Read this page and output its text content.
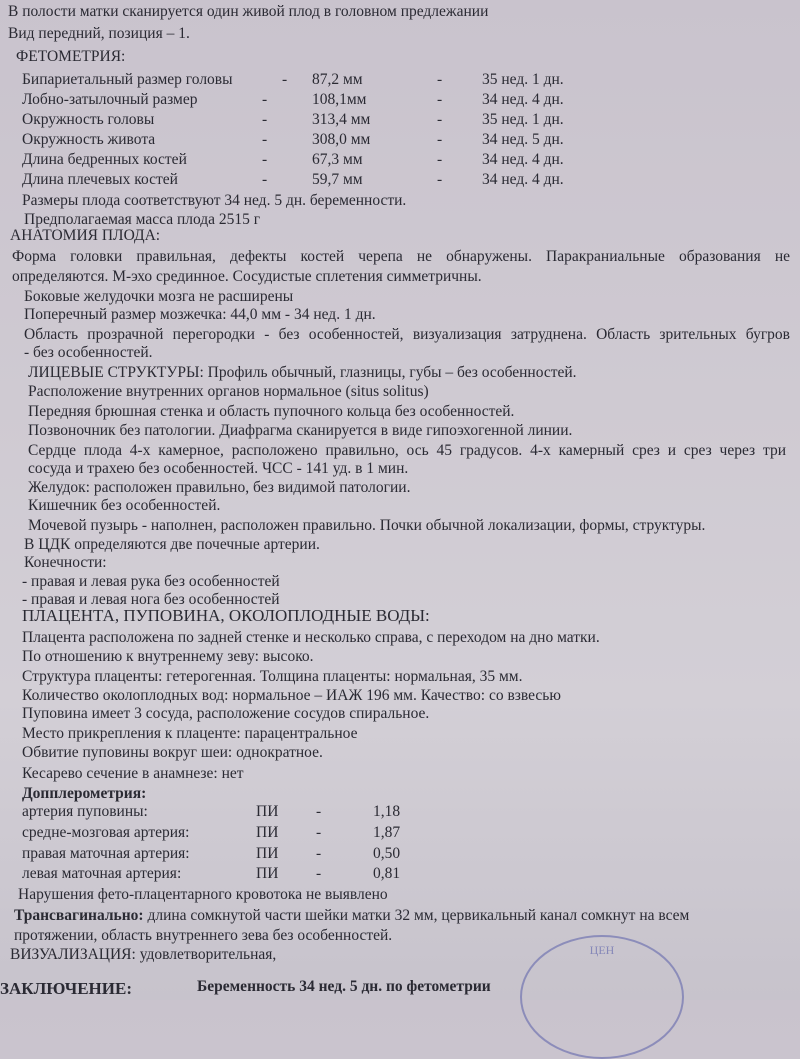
В полости матки сканируется один живой плод в головном предлежании
Вид передний, позиция – 1.
ФЕТОМЕТРИЯ:
Бипариетальный размер головы	- 87,2 мм	-	35 нед. 1 дн.
Лобно-затылочный размер	-	108,1мм	-	34 нед. 4 дн.
Окружность головы	-	313,4 мм	-	35 нед. 1 дн.
Окружность живота	-	308,0 мм	-	34 нед. 5 дн.
Длина бедренных костей	-	67,3 мм	-	34 нед. 4 дн.
Длина плечевых костей	-	59,7 мм	-	34 нед. 4 дн.
Размеры плода соответствуют 34 нед. 5 дн. беременности.
Предполагаемая масса плода 2515 г
АНАТОМИЯ ПЛОДА:
Форма головки правильная, дефекты костей черепа не обнаружены. Паракраниальные образования не
определяются. М-эхо срединное. Сосудистые сплетения симметричны.
Боковые желудочки мозга не расширены
Поперечный размер мозжечка: 44,0 мм - 34 нед. 1 дн.
Область прозрачной перегородки - без особенностей, визуализация затруднена. Область зрительных бугров
- без особенностей.
ЛИЦЕВЫЕ СТРУКТУРЫ: Профиль обычный, глазницы, губы – без особенностей.
Расположение внутренних органов нормальное (situs solitus)
Передняя брюшная стенка и область пупочного кольца без особенностей.
Позвоночник без патологии. Диафрагма сканируется в виде гипоэхогенной линии.
Сердце плода 4-х камерное, расположено правильно, ось 45 градусов. 4-х камерный срез и срез через три
сосуда и трахею без особенностей. ЧСС - 141 уд. в 1 мин.
Желудок: расположен правильно, без видимой патологии.
Кишечник без особенностей.
Мочевой пузырь - наполнен, расположен правильно. Почки обычной локализации, формы, структуры.
В ЦДК определяются две почечные артерии.
Конечности:
- правая и левая рука без особенностей
- правая и левая нога без особенностей
ПЛАЦЕНТА, ПУПОВИНА, ОКОЛОПЛОДНЫЕ ВОДЫ:
Плацента расположена по задней стенке и несколько справа, с переходом на дно матки.
По отношению к внутреннему зеву: высоко.
Структура плаценты: гетерогенная. Толщина плаценты: нормальная, 35 мм.
Количество околоплодных вод: нормальное – ИАЖ 196 мм. Качество: со взвесью
Пуповина имеет 3 сосуда, расположение сосудов спиральное.
Место прикрепления к плаценте: парацентральное
Обвитие пуповины вокруг шеи: однократное.
Кесарево сечение в анамнезе: нет
Допплерометрия:
артерия пуповины:	ПИ -	1,18
средне-мозговая артерия:	ПИ -	1,87
правая маточная артерия:	ПИ -	0,50
левая маточная артерия:	ПИ -	0,81
Нарушения фето-плацентарного кровотока не выявлено
Трансвагинально: длина сомкнутой части шейки матки 32 мм, цервикальный канал сомкнут на всем
протяжении, область внутреннего зева без особенностей.
ВИЗУАЛИЗАЦИЯ: удовлетворительная,	ЦЕН
ЗАКЛЮЧЕНИЕ:	Беременность 34 нед. 5 дн. по фетометрии
